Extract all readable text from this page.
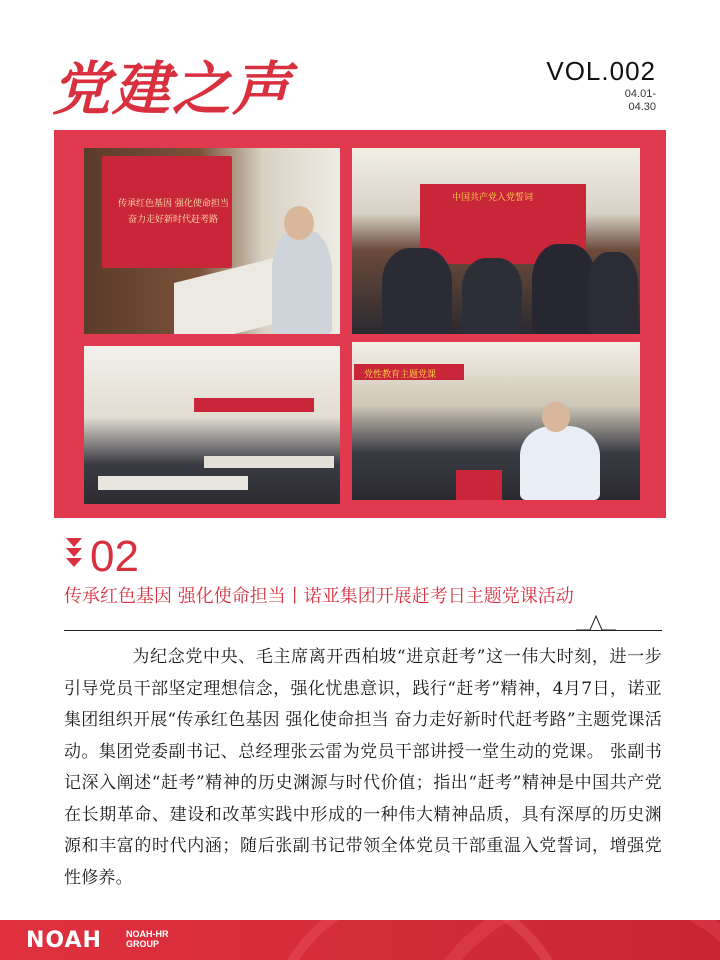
党建之声	VOL.002
04.01-
04.30
传承红色基因 强化使命担当
奋力走好新时代赶考路
中国共产党入党誓词
党性教育主题党课
02
传承红色基因 强化使命担当丨诺亚集团开展赶考日主题党课活动
为纪念党中央、毛主席离开西柏坡“进京赶考”这一伟大时刻，进一步引导党员干部坚定理想信念，强化忧患意识，践行“赶考”精神，4月7日，诺亚集团组织开展“传承红色基因 强化使命担当 奋力走好新时代赶考路”主题党课活动。集团党委副书记、总经理张云雷为党员干部讲授一堂生动的党课。 张副书记深入阐述“赶考”精神的历史渊源与时代价值；指出“赶考”精神是中国共产党在长期革命、建设和改革实践中形成的一种伟大精神品质，具有深厚的历史渊源和丰富的时代内涵；随后张副书记带领全体党员干部重温入党誓词，增强党性修养。
NOAH	NOAH-HR
GROUP
